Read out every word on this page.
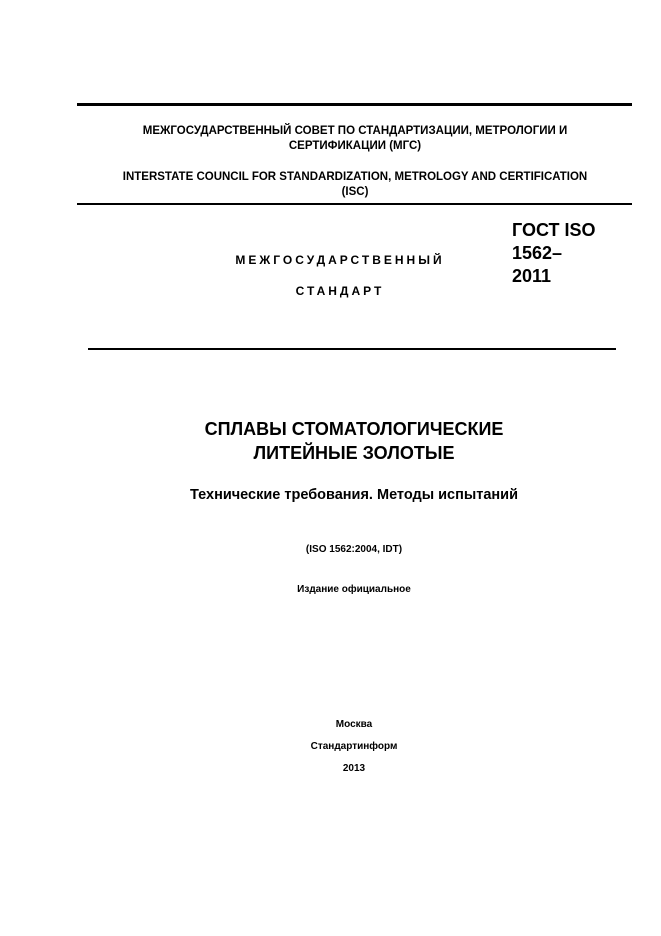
МЕЖГОСУДАРСТВЕННЫЙ СОВЕТ ПО СТАНДАРТИЗАЦИИ, МЕТРОЛОГИИ И
СЕРТИФИКАЦИИ (МГС)
INTERSTATE COUNCIL FOR STANDARDIZATION, METROLOGY AND CERTIFICATION
(ISC)
МЕЖГОСУДАРСТВЕННЫЙ
СТАНДАРТ
ГОСТ ISO
1562–
2011
СПЛАВЫ СТОМАТОЛОГИЧЕСКИЕ
ЛИТЕЙНЫЕ ЗОЛОТЫЕ
Технические требования. Методы испытаний
(ISO 1562:2004, IDT)
Издание официальное
Москва
Стандартинформ
2013
